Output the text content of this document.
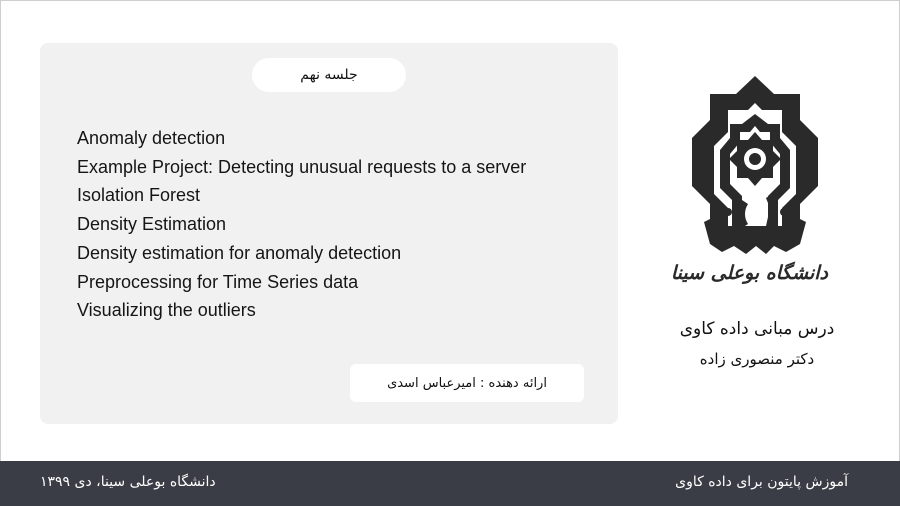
جلسه نهم
Anomaly detection
Example Project: Detecting unusual requests to a server
Isolation Forest
Density Estimation
Density estimation for anomaly detection
Preprocessing for Time Series data
Visualizing the outliers
ارائه دهنده : امیرعباس اسدی
دانشگاه بوعلی سینا
درس مبانی داده کاوی
دکتر منصوری زاده
دانشگاه بوعلی سینا، دی ۱۳۹۹	آموزش پایتون برای داده کاوی
